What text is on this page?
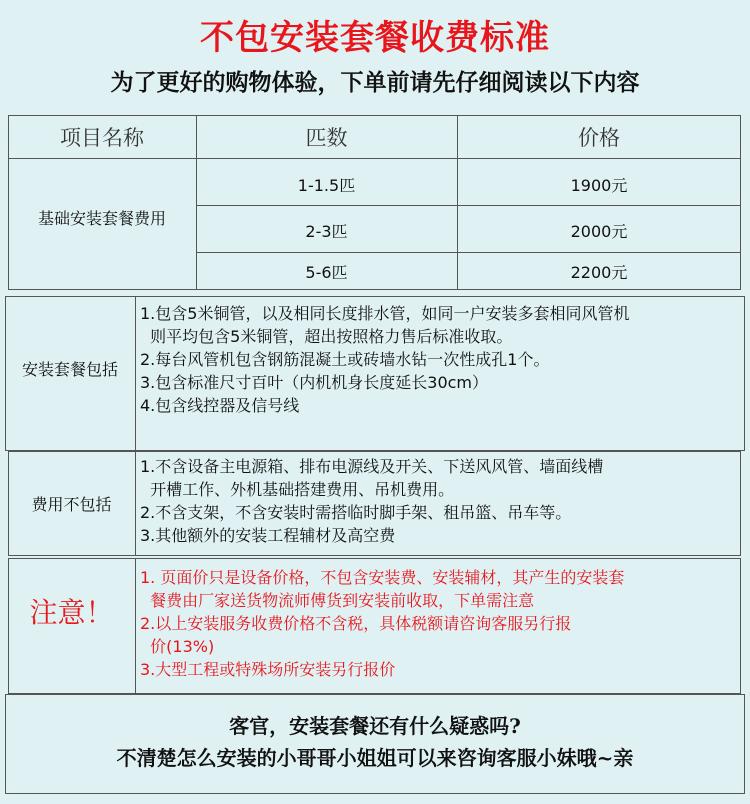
不包安装套餐收费标准
为了更好的购物体验，下单前请先仔细阅读以下内容
项目名称	匹数	价格
基础安装套餐费用
1-1.5匹	1900元
2-3匹	2000元
5-6匹	2200元
安装套餐包括
1.包含5米铜管，以及相同长度排水管，如同一户安装多套相同风管机
则平均包含5米铜管，超出按照格力售后标准收取。
2.每台风管机包含钢筋混凝土或砖墙水钻一次性成孔1个。
3.包含标准尺寸百叶（内机机身长度延长30cm）
4.包含线控器及信号线
费用不包括
1.不含设备主电源箱、排布电源线及开关、下送风风管、墙面线槽
开槽工作、外机基础搭建费用、吊机费用。
2.不含支架，不含安装时需搭临时脚手架、租吊篮、吊车等。
3.其他额外的安装工程辅材及高空费
注意！
1. 页面价只是设备价格，不包含安装费、安装辅材，其产生的安装套
餐费由厂家送货物流师傅货到安装前收取，下单需注意
2.以上安装服务收费价格不含税，具体税额请咨询客服另行报
价(13%)
3.大型工程或特殊场所安装另行报价
客官，安装套餐还有什么疑惑吗?
不清楚怎么安装的小哥哥小姐姐可以来咨询客服小妹哦~亲
